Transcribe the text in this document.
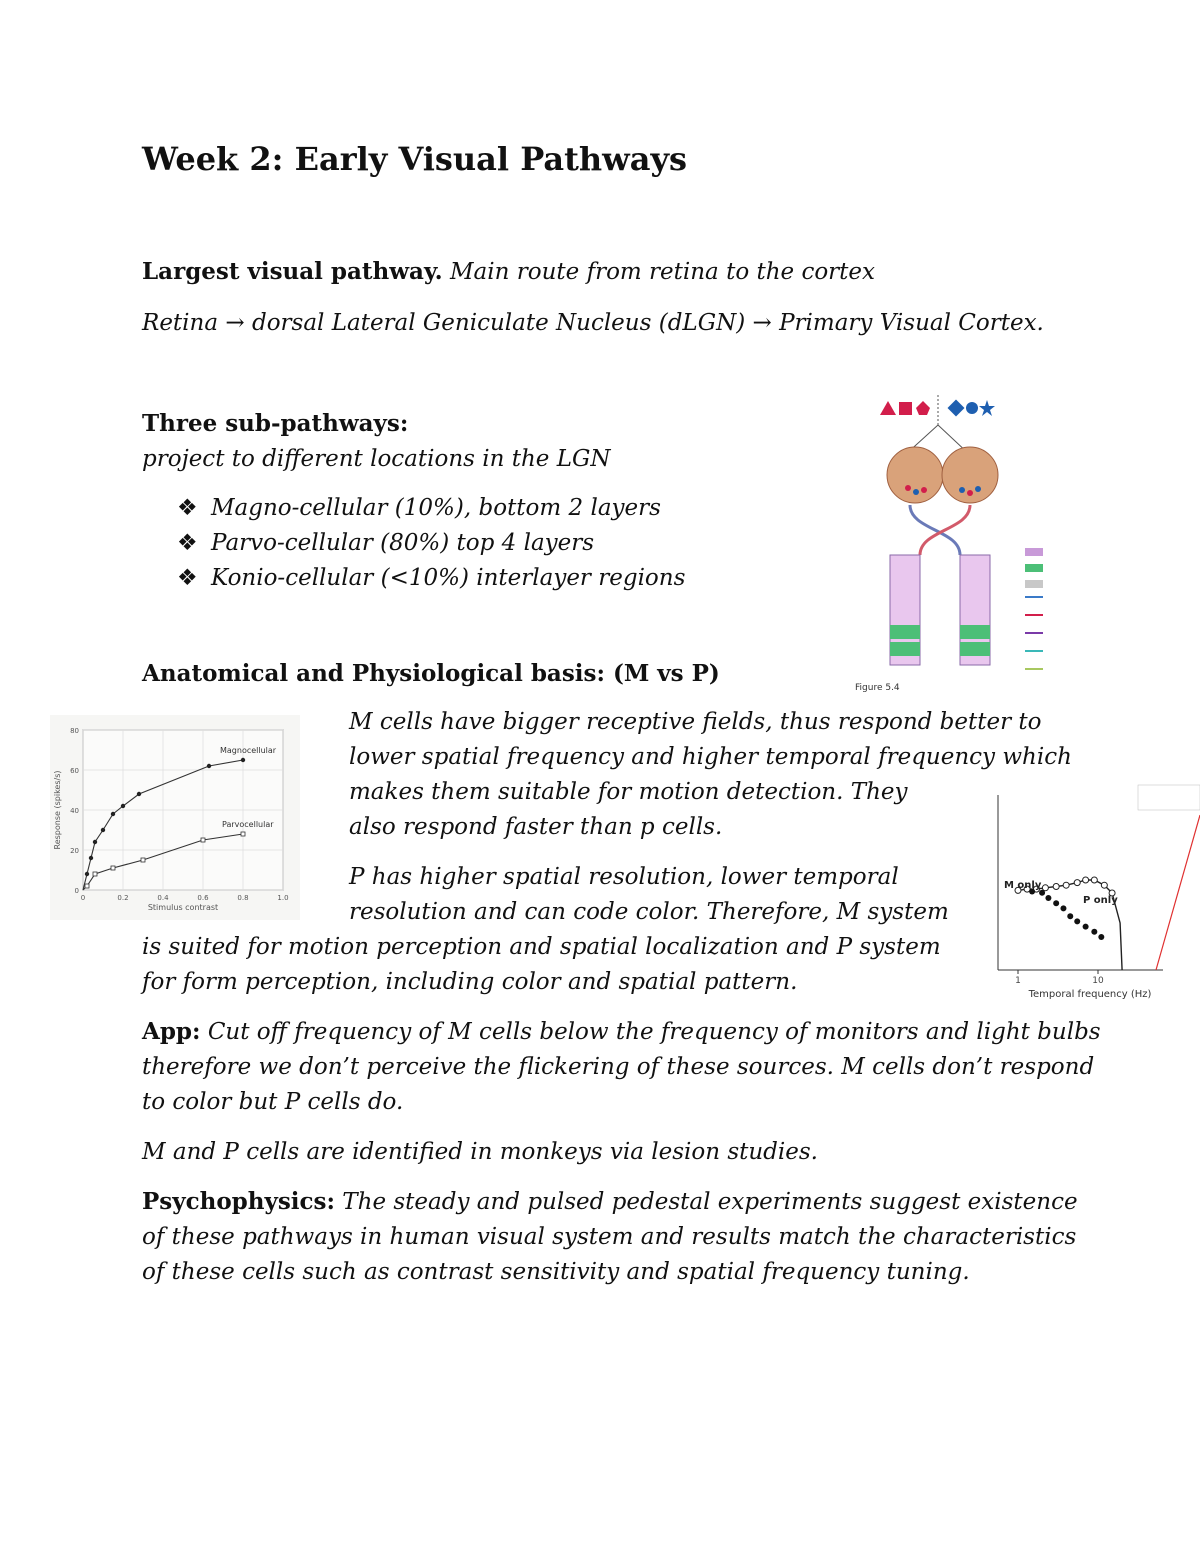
Week 2: Early Visual Pathways
Largest visual pathway. Main route from retina to the cortex
Retina → dorsal Lateral Geniculate Nucleus (dLGN) → Primary Visual Cortex.
Three sub-pathways:
project to different locations in the LGN
❖ Magno-cellular (10%), bottom 2 layers
❖ Parvo-cellular (80%) top 4 layers
❖ Konio-cellular (<10%) interlayer regions
Anatomical and Physiological basis: (M vs P)
M cells have bigger receptive fields, thus respond better to
lower spatial frequency and higher temporal frequency which
makes them suitable for motion detection. They
also respond faster than p cells.
P has higher spatial resolution, lower temporal
resolution and can code color. Therefore, M system
is suited for motion perception and spatial localization and P system
for form perception, including color and spatial pattern.
App: Cut off frequency of M cells below the frequency of monitors and light bulbs
therefore we don’t perceive the flickering of these sources. M cells don’t respond
to color but P cells do.
M and P cells are identified in monkeys via lesion studies.
Psychophysics: The steady and pulsed pedestal experiments suggest existence
of these pathways in human visual system and results match the characteristics
of these cells such as contrast sensitivity and spatial frequency tuning.
Figure 5.4
0	0.2	0.4	0.6	0.8	1.0
0
20
40
60
80
Stimulus contrast
Response (spikes/s)
Magnocellular
Parvocellular
1	10
Temporal frequency (Hz)
M only
P only
